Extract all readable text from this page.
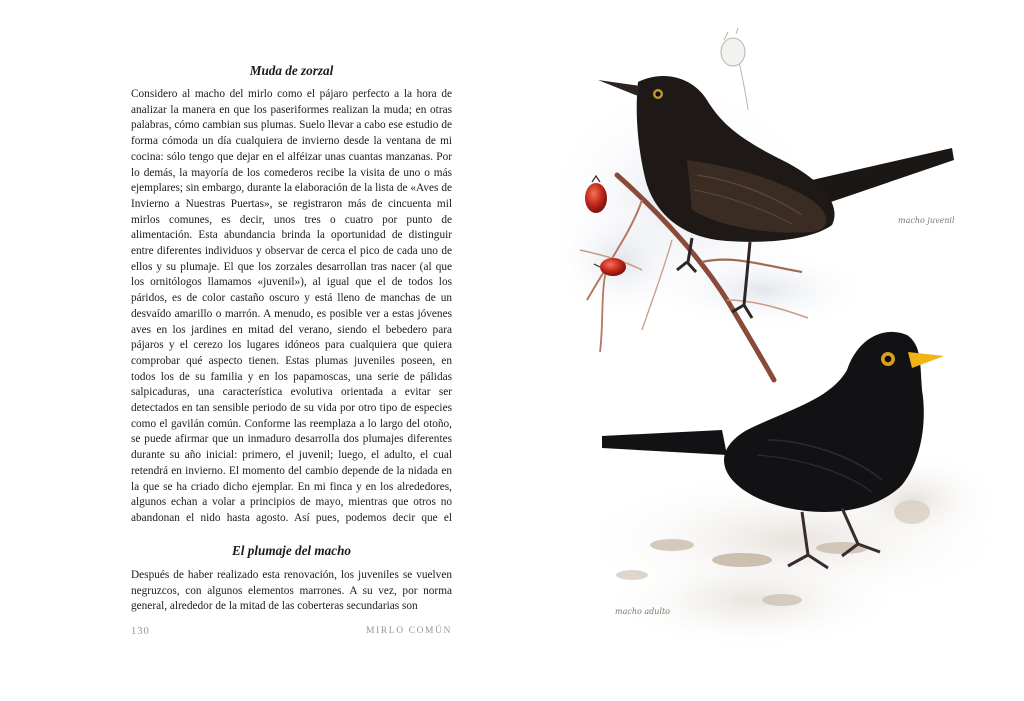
Muda de zorzal

Considero al macho del mirlo como el pájaro perfecto a la hora de analizar la manera en que los paseriformes realizan la muda; en otras palabras, cómo cambian sus plumas. Suelo llevar a cabo ese estudio de forma cómoda un día cualquiera de invierno desde la ventana de mi cocina: sólo tengo que dejar en el alféizar unas cuantas manzanas. Por lo demás, la mayoría de los comederos recibe la visita de uno o más ejemplares; sin embargo, durante la elaboración de la lista de «Aves de Invierno a Nuestras Puertas», se registraron más de cincuenta mil mirlos comunes, es decir, unos tres o cuatro por punto de alimentación. Esta abundancia brinda la oportunidad de distinguir entre diferentes individuos y observar de cerca el pico de cada uno de ellos y su plumaje. El que los zorzales desarrollan tras nacer (al que los ornitólogos llamamos «juvenil»), al igual que el de todos los páridos, es de color castaño oscuro y está lleno de manchas de un desvaído amarillo o marrón. A menudo, es posible ver a estas jóvenes aves en los jardines en mitad del verano, siendo el bebedero para pájaros y el cerezo los lugares idóneos para cualquiera que quiera comprobar qué aspecto tienen. Estas plumas juveniles poseen, en todos los de su familia y en los papamoscas, una serie de pálidas salpicaduras, una característica evolutiva orientada a evitar ser detectados en tan sensible periodo de su vida por otro tipo de especies como el gavilán común. Conforme las reemplaza a lo largo del otoño, se puede afirmar que un inmaduro desarrolla dos plumajes diferentes durante su año inicial: primero, el juvenil; luego, el adulto, el cual retendrá en invierno. El momento del cambio depende de la nidada en la que se ha criado dicho ejemplar. En mi finca y en los alrededores, algunos echan a volar a principios de mayo, mientras que otros no abandonan el nido hasta agosto. Así pues, podemos decir que el

El plumaje del macho

Después de haber realizado esta renovación, los juveniles se vuelven negruzcos, con algunos elementos marrones. A su vez, por norma general, alrededor de la mitad de las coberteras secundarias son

130	MIRLO COMÚN
macho juvenil
macho adulto
